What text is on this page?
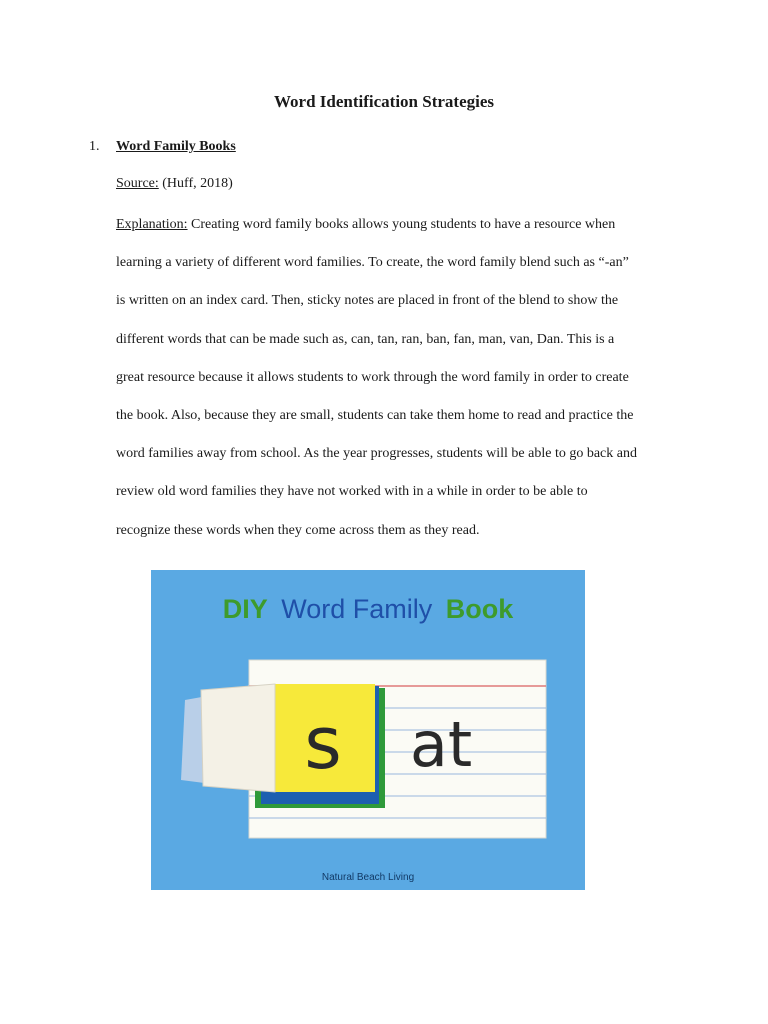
Word Identification Strategies
1. Word Family Books
Source: (Huff, 2018)

Explanation: Creating word family books allows young students to have a resource when
learning a variety of different word families. To create, the word family blend such as “-an”
is written on an index card. Then, sticky notes are placed in front of the blend to show the
different words that can be made such as, can, tan, ran, ban, fan, man, van, Dan. This is a
great resource because it allows students to work through the word family in order to create
the book. Also, because they are small, students can take them home to read and practice the
word families away from school. As the year progresses, students will be able to go back and
review old word families they have not worked with in a while in order to be able to
recognize these words when they come across them as they read.

DIY Word Family Book
s at
Natural Beach Living
